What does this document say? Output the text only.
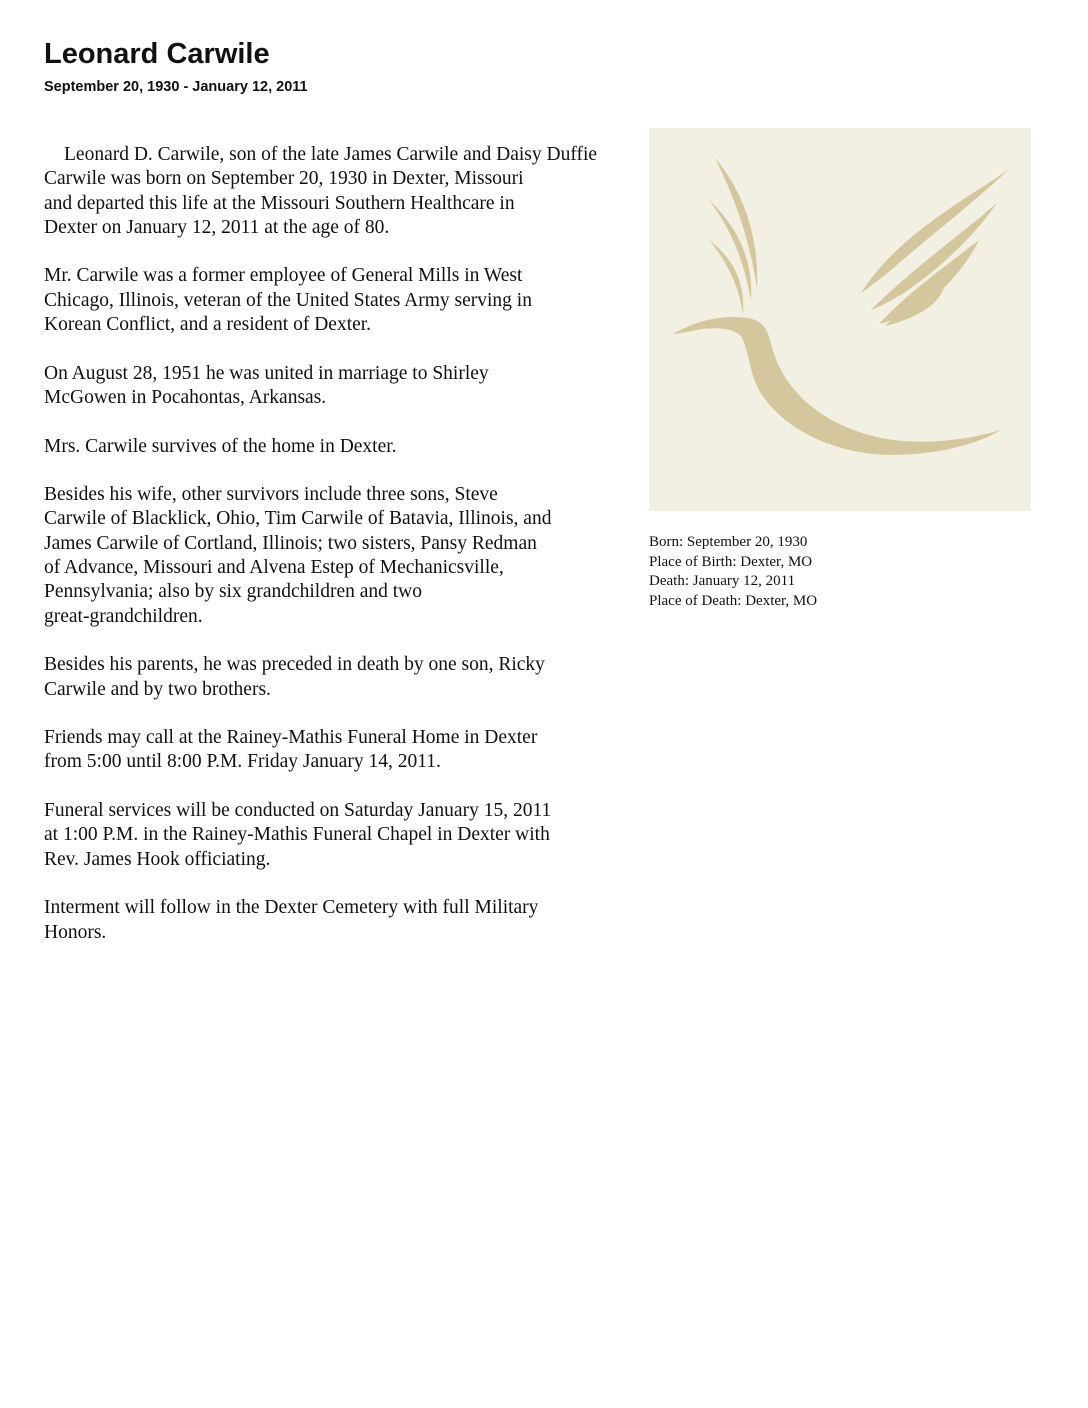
Leonard Carwile
September 20, 1930 - January 12, 2011

Leonard D. Carwile, son of the late James Carwile and Daisy Duffie
Carwile was born on September 20, 1930 in Dexter, Missouri
and departed this life at the Missouri Southern Healthcare in
Dexter on January 12, 2011 at the age of 80.

Mr. Carwile was a former employee of General Mills in West
Chicago, Illinois, veteran of the United States Army serving in
Korean Conflict, and a resident of Dexter.

On August 28, 1951 he was united in marriage to Shirley
McGowen in Pocahontas, Arkansas.

Mrs. Carwile survives of the home in Dexter.

Besides his wife, other survivors include three sons, Steve
Carwile of Blacklick, Ohio, Tim Carwile of Batavia, Illinois, and
James Carwile of Cortland, Illinois; two sisters, Pansy Redman
of Advance, Missouri and Alvena Estep of Mechanicsville,
Pennsylvania; also by six grandchildren and two
great-grandchildren.

Besides his parents, he was preceded in death by one son, Ricky
Carwile and by two brothers.

Friends may call at the Rainey-Mathis Funeral Home in Dexter
from 5:00 until 8:00 P.M. Friday January 14, 2011.

Funeral services will be conducted on Saturday January 15, 2011
at 1:00 P.M. in the Rainey-Mathis Funeral Chapel in Dexter with
Rev. James Hook officiating.

Interment will follow in the Dexter Cemetery with full Military
Honors.

Born: September 20, 1930
Place of Birth: Dexter, MO
Death: January 12, 2011
Place of Death: Dexter, MO
